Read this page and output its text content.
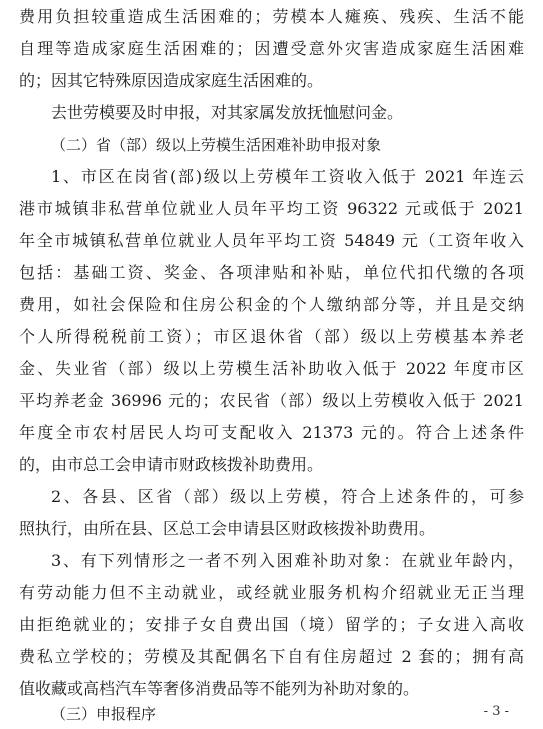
费用负担较重造成生活困难的；劳模本人瘫痪、残疾、生活不能
自理等造成家庭生活困难的；因遭受意外灾害造成家庭生活困难
的；因其它特殊原因造成家庭生活困难的。
去世劳模要及时申报，对其家属发放抚恤慰问金。
（二）省（部）级以上劳模生活困难补助申报对象
1、市区在岗省(部)级以上劳模年工资收入低于 2021 年连云
港市城镇非私营单位就业人员年平均工资 96322 元或低于 2021
年全市城镇私营单位就业人员年平均工资 54849 元（工资年收入
包括：基础工资、奖金、各项津贴和补贴，单位代扣代缴的各项
费用，如社会保险和住房公积金的个人缴纳部分等，并且是交纳
个人所得税税前工资）；市区退休省（部）级以上劳模基本养老
金、失业省（部）级以上劳模生活补助收入低于 2022 年度市区
平均养老金 36996 元的；农民省（部）级以上劳模收入低于 2021
年度全市农村居民人均可支配收入 21373 元的。符合上述条件
的，由市总工会申请市财政核拨补助费用。
2、各县、区省（部）级以上劳模，符合上述条件的，可参
照执行，由所在县、区总工会申请县区财政核拨补助费用。
3、有下列情形之一者不列入困难补助对象：在就业年龄内，
有劳动能力但不主动就业，或经就业服务机构介绍就业无正当理
由拒绝就业的；安排子女自费出国（境）留学的；子女进入高收
费私立学校的；劳模及其配偶名下自有住房超过 2 套的；拥有高
值收藏或高档汽车等奢侈消费品等不能列为补助对象的。
（三）申报程序	- 3 -
